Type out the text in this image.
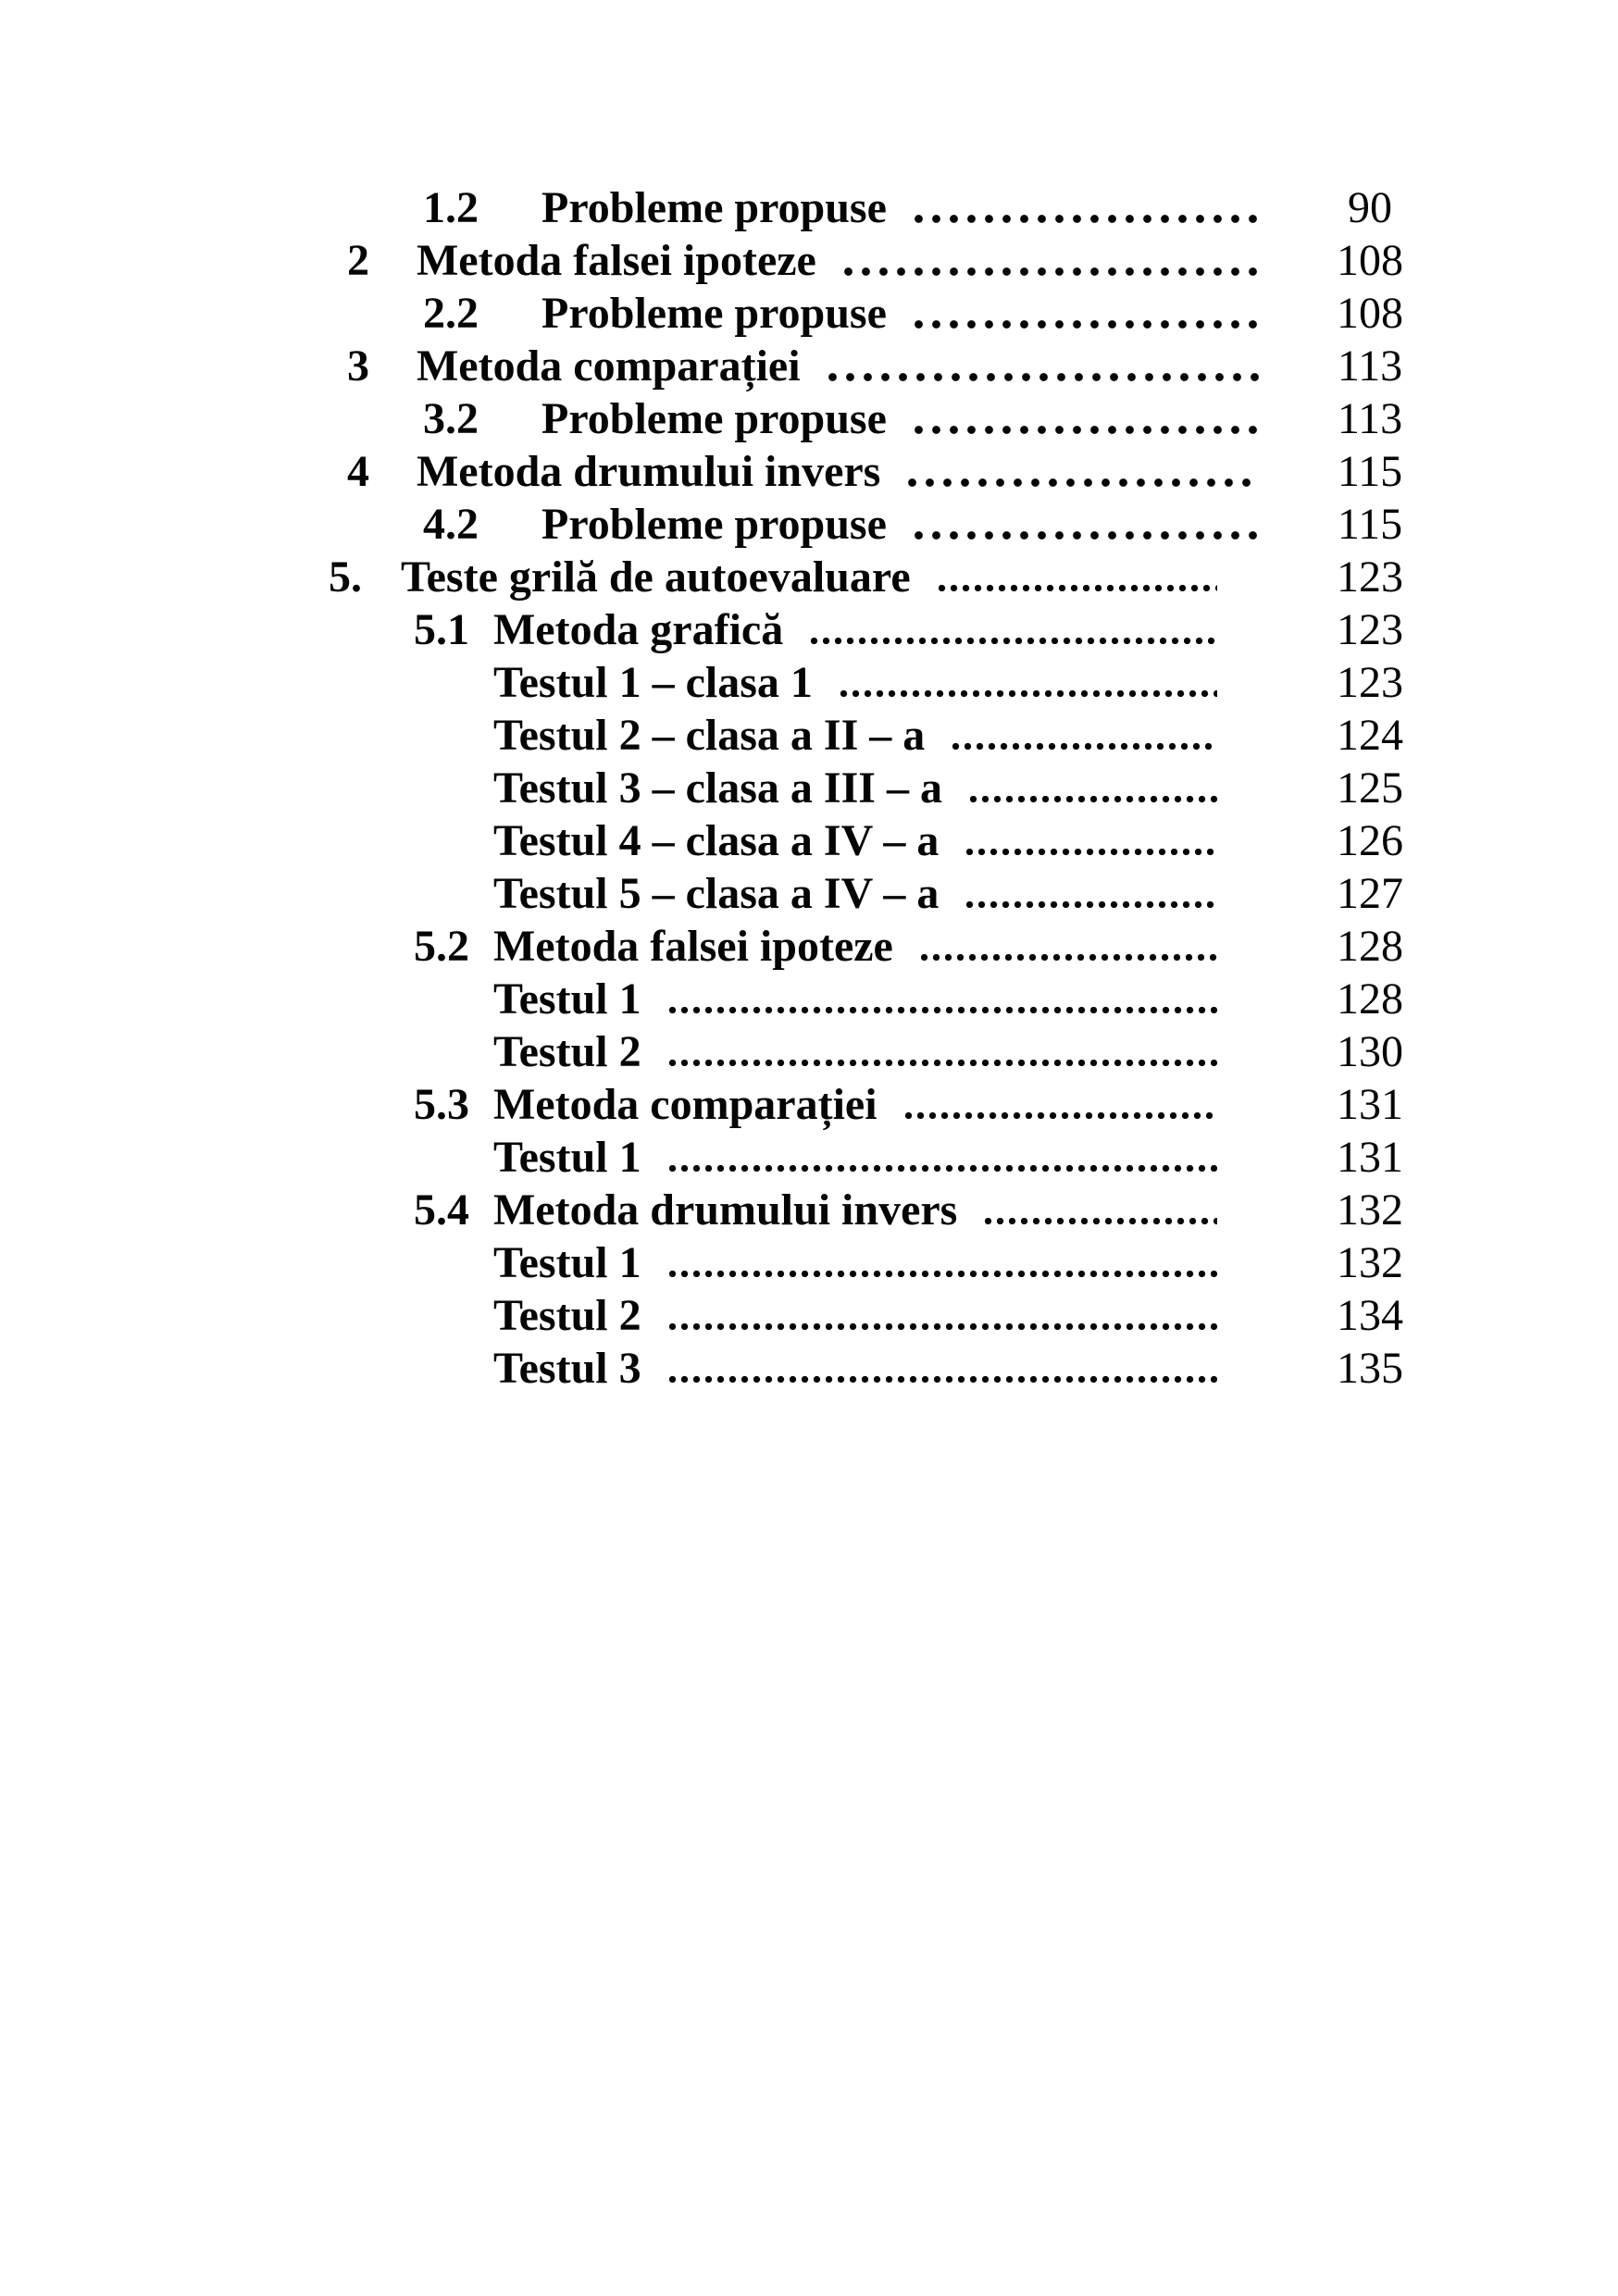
1.2	Probleme propuse	90
2	Metoda falsei ipoteze	108
2.2	Probleme propuse	108
3	Metoda comparației	113
3.2	Probleme propuse	113
4	Metoda drumului invers	115
4.2	Probleme propuse	115
5. Teste grilă de autoevaluare	123
5.1 Metoda grafică	123
Testul 1 – clasa 1	123
Testul 2 – clasa a II – a	124
Testul 3 – clasa a III – a	125
Testul 4 – clasa a IV – a	126
Testul 5 – clasa a IV – a	127
5.2 Metoda falsei ipoteze	128
Testul 1	128
Testul 2	130
5.3 Metoda comparației	131
Testul 1	131
5.4 Metoda drumului invers	132
Testul 1	132
Testul 2	134
Testul 3	135
